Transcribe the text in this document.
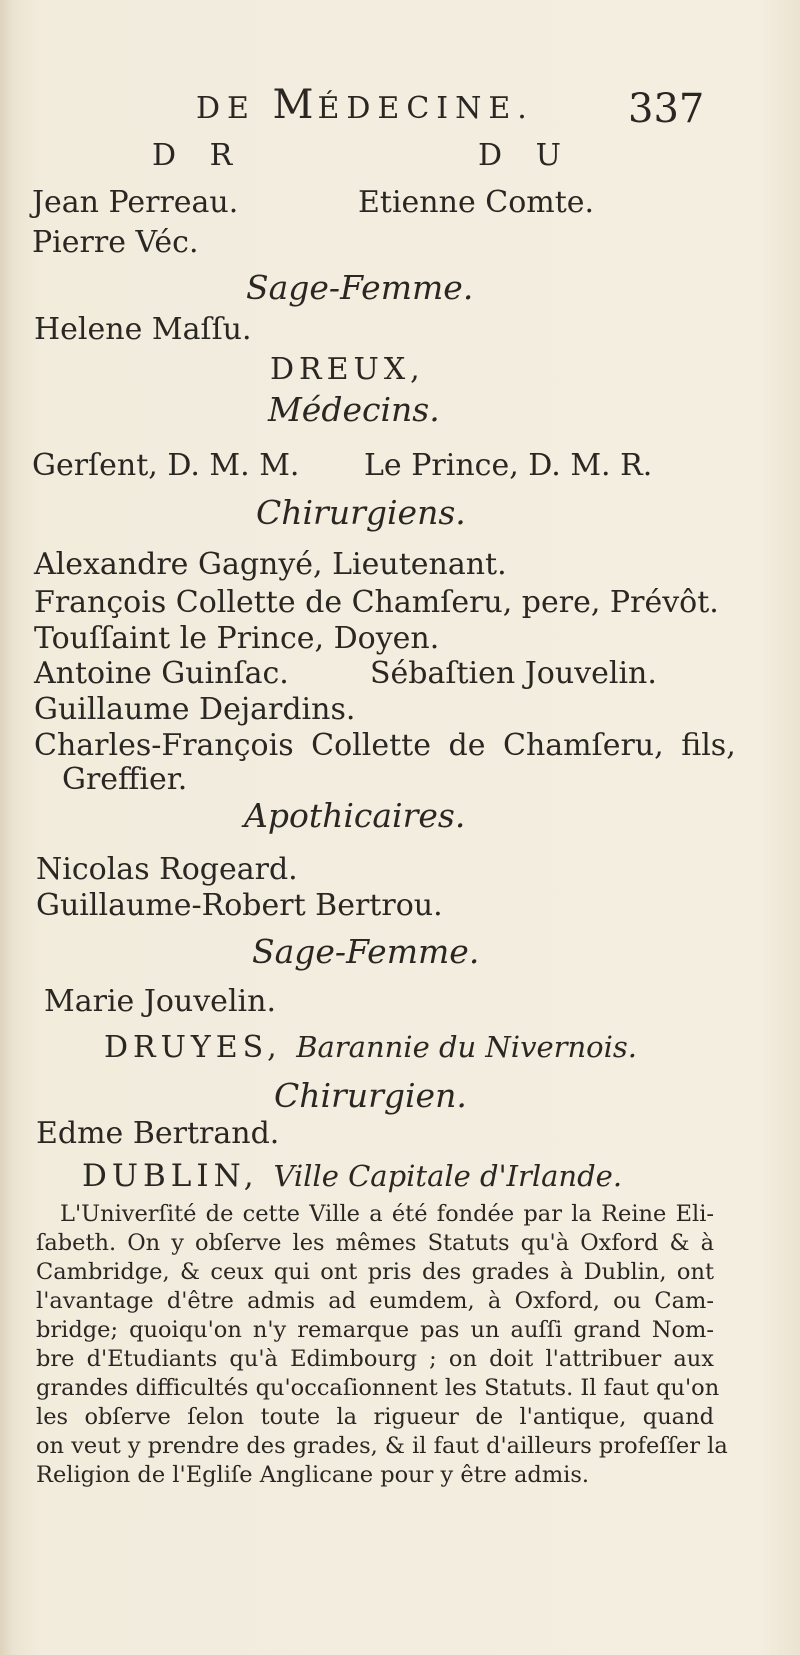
DE MÉDECINE. 337
D R	D U
Jean Perreau.	Etienne Comte.
Pierre Véc.
Sage-Femme.
Helene Maſſu.
DREUX,
Médecins.
Gerſent, D. M. M. Le Prince, D. M. R.
Chirurgiens.
Alexandre Gagnyé, Lieutenant.
François Collette de Chamſeru, pere, Prévôt.
Touſſaint le Prince, Doyen.
Antoine Guinſac.	Sébaſtien Jouvelin.
Guillaume Dejardins.
Charles-François Collette de Chamſeru, fils,
Greffier.
Apothicaires.
Nicolas Rogeard.
Guillaume-Robert Bertrou.
Sage-Femme.
Marie Jouvelin.
DRUYES, Barannie du Nivernois.
Chirurgien.
Edme Bertrand.
DUBLIN, Ville Capitale d'Irlande.
L'Univerſité de cette Ville a été fondée par la Reine Eli-
ſabeth. On y obſerve les mêmes Statuts qu'à Oxford & à
Cambridge, & ceux qui ont pris des grades à Dublin, ont
l'avantage d'être admis ad eumdem, à Oxford, ou Cam-
bridge; quoiqu'on n'y remarque pas un auſſi grand Nom-
bre d'Etudiants qu'à Edimbourg ; on doit l'attribuer aux
grandes difficultés qu'occaſionnent les Statuts. Il faut qu'on
les obſerve ſelon toute la rigueur de l'antique, quand
on veut y prendre des grades, & il faut d'ailleurs profeſſer la
Religion de l'Egliſe Anglicane pour y être admis.
